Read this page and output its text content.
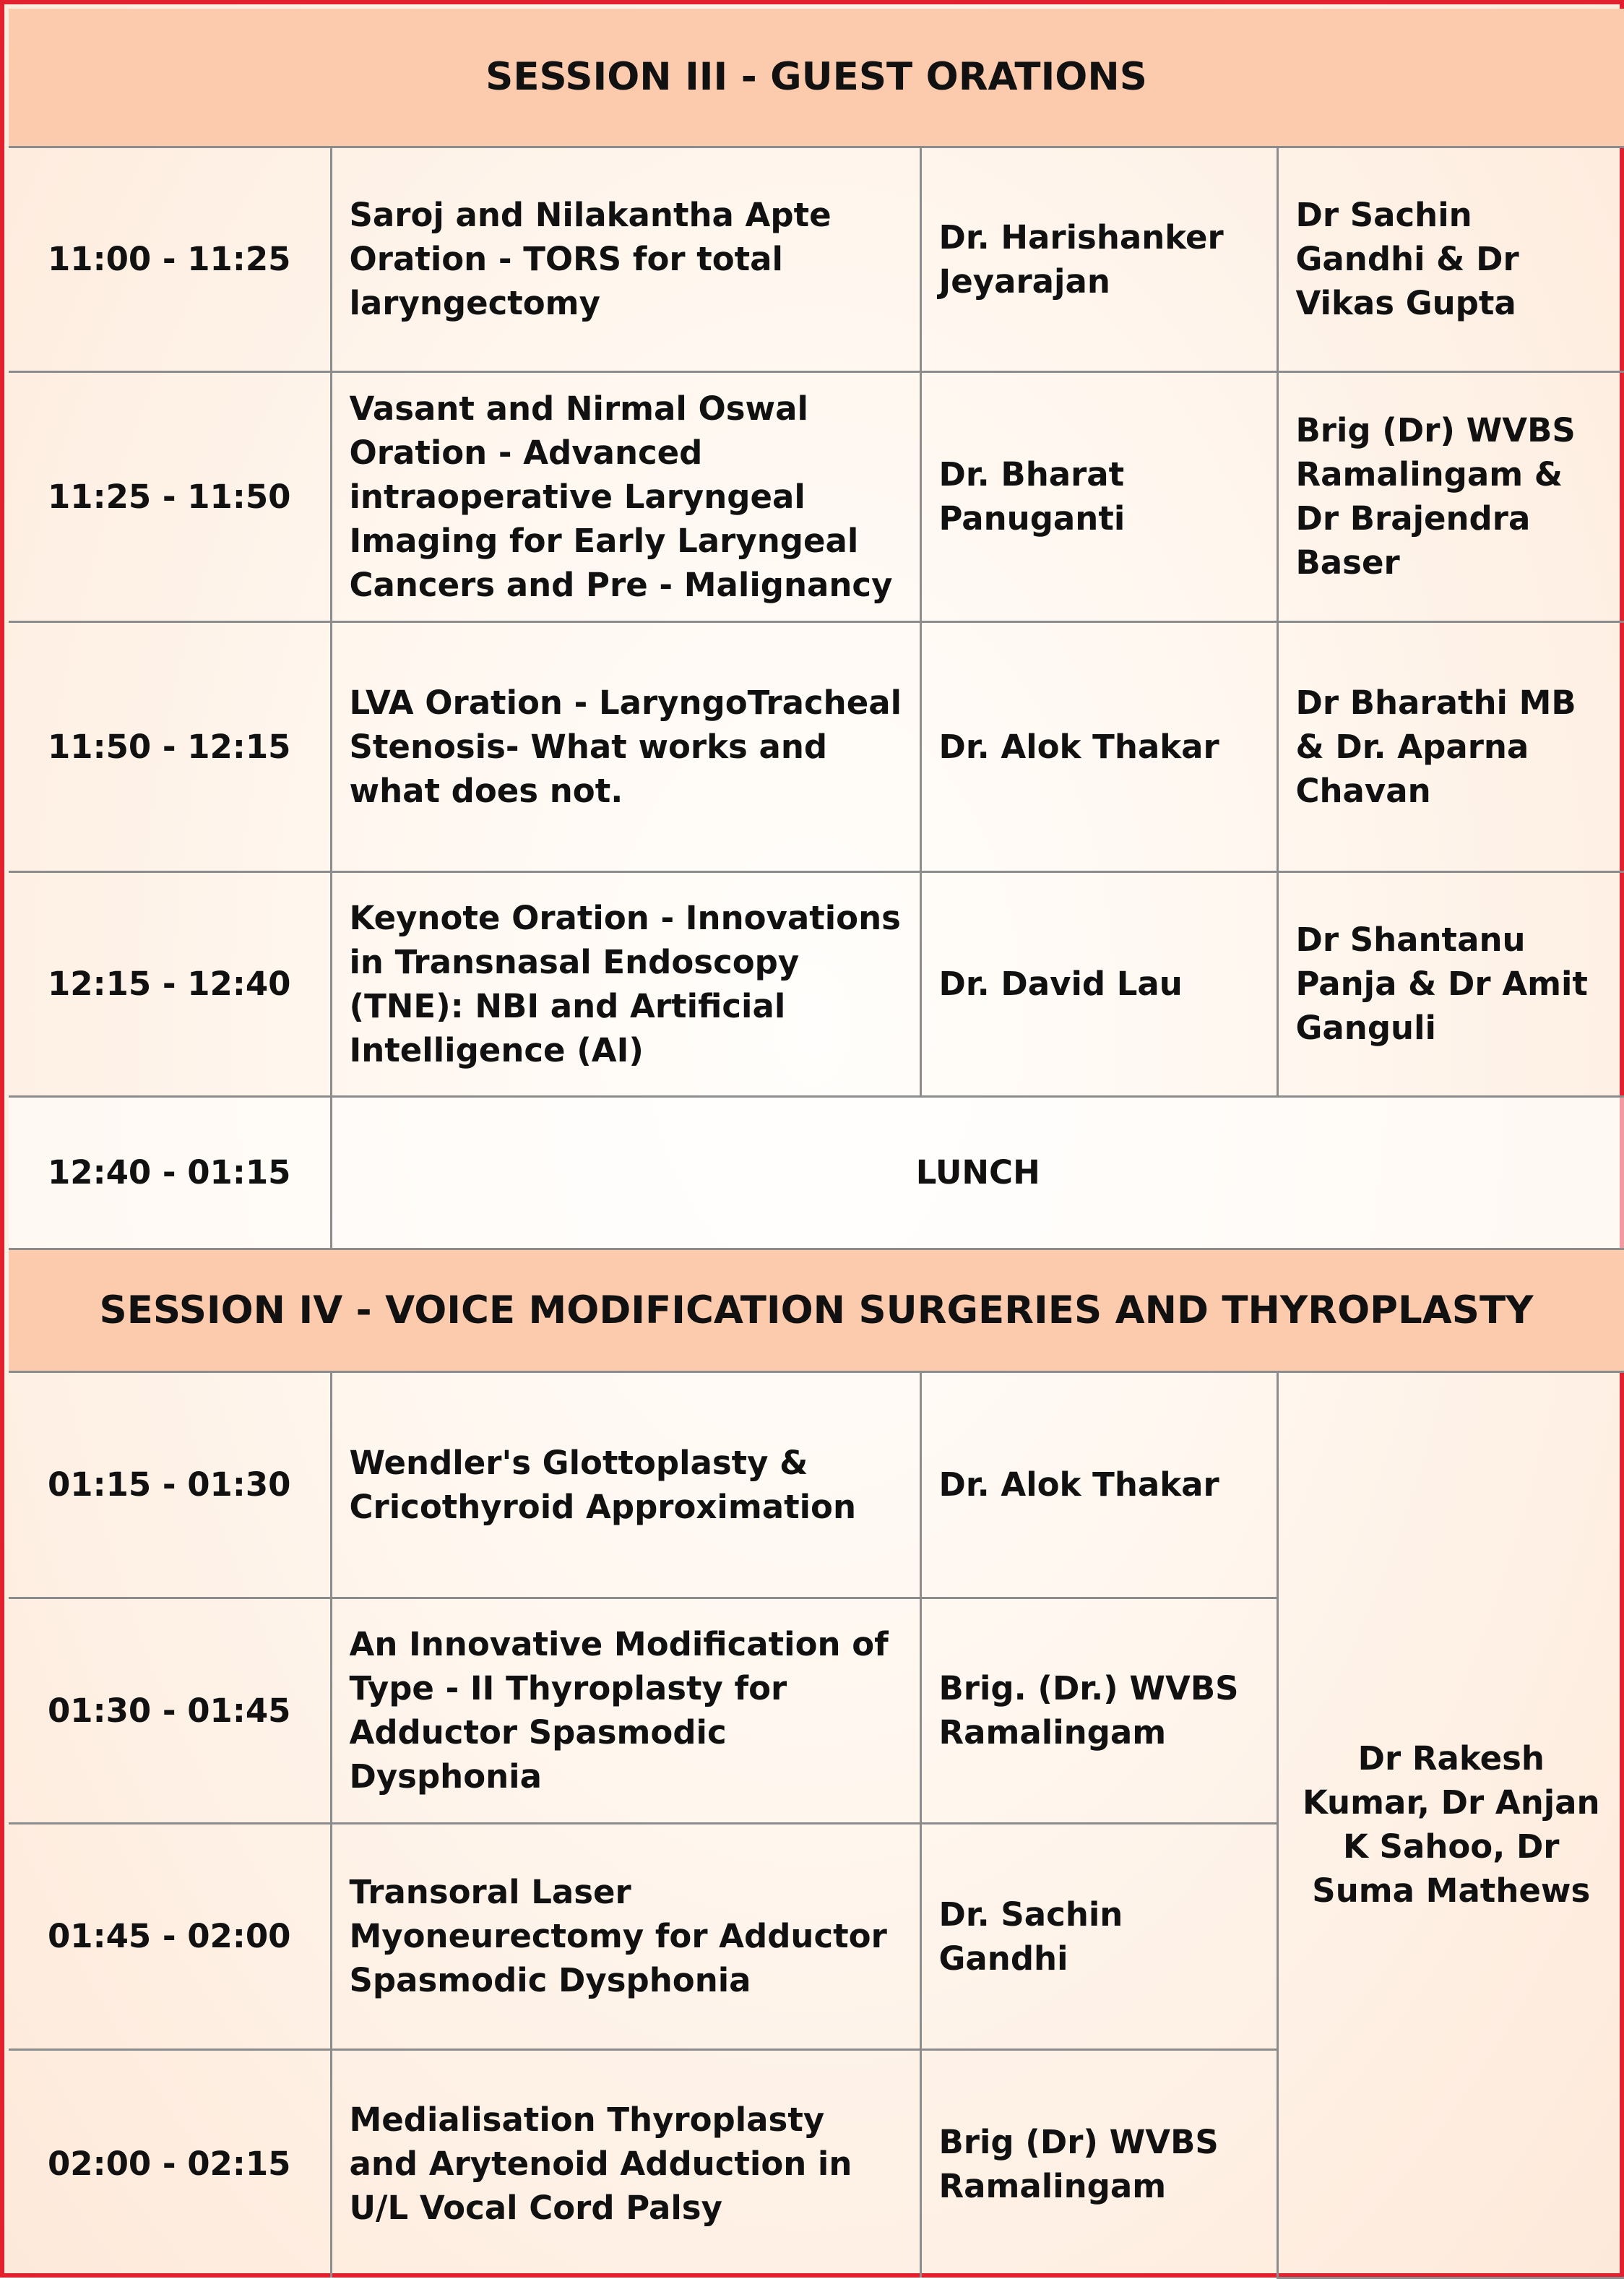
SESSION III - GUEST ORATIONS			
11:00 - 11:25	Saroj and Nilakantha Apte Oration - TORS for total laryngectomy	Dr. Harishanker Jeyarajan	Dr Sachin Gandhi & Dr Vikas Gupta
11:25 - 11:50	Vasant and Nirmal Oswal Oration - Advanced intraoperative Laryngeal Imaging for Early Laryngeal Cancers and Pre - Malignancy	Dr. Bharat Panuganti	Brig (Dr) WVBS Ramalingam & Dr Brajendra Baser
11:50 - 12:15	LVA Oration - LaryngoTracheal Stenosis- What works and what does not.	Dr. Alok Thakar	Dr Bharathi MB & Dr. Aparna Chavan
12:15 - 12:40	Keynote Oration - Innovations in Transnasal Endoscopy (TNE): NBI and Artificial Intelligence (AI)	Dr. David Lau	Dr Shantanu Panja & Dr Amit Ganguli
12:40 - 01:15	LUNCH		
SESSION IV - VOICE MODIFICATION SURGERIES AND THYROPLASTY			
01:15 - 01:30	Wendler's Glottoplasty & Cricothyroid Approximation	Dr. Alok Thakar	Dr Rakesh Kumar, Dr Anjan K Sahoo, Dr Suma Mathews
01:30 - 01:45	An Innovative Modification of Type - II Thyroplasty for Adductor Spasmodic Dysphonia	Brig. (Dr.) WVBS Ramalingam	
01:45 - 02:00	Transoral Laser Myoneurectomy for Adductor Spasmodic Dysphonia	Dr. Sachin Gandhi	
02:00 - 02:15	Medialisation Thyroplasty and Arytenoid Adduction in U/L Vocal Cord Palsy	Brig (Dr) WVBS Ramalingam	
